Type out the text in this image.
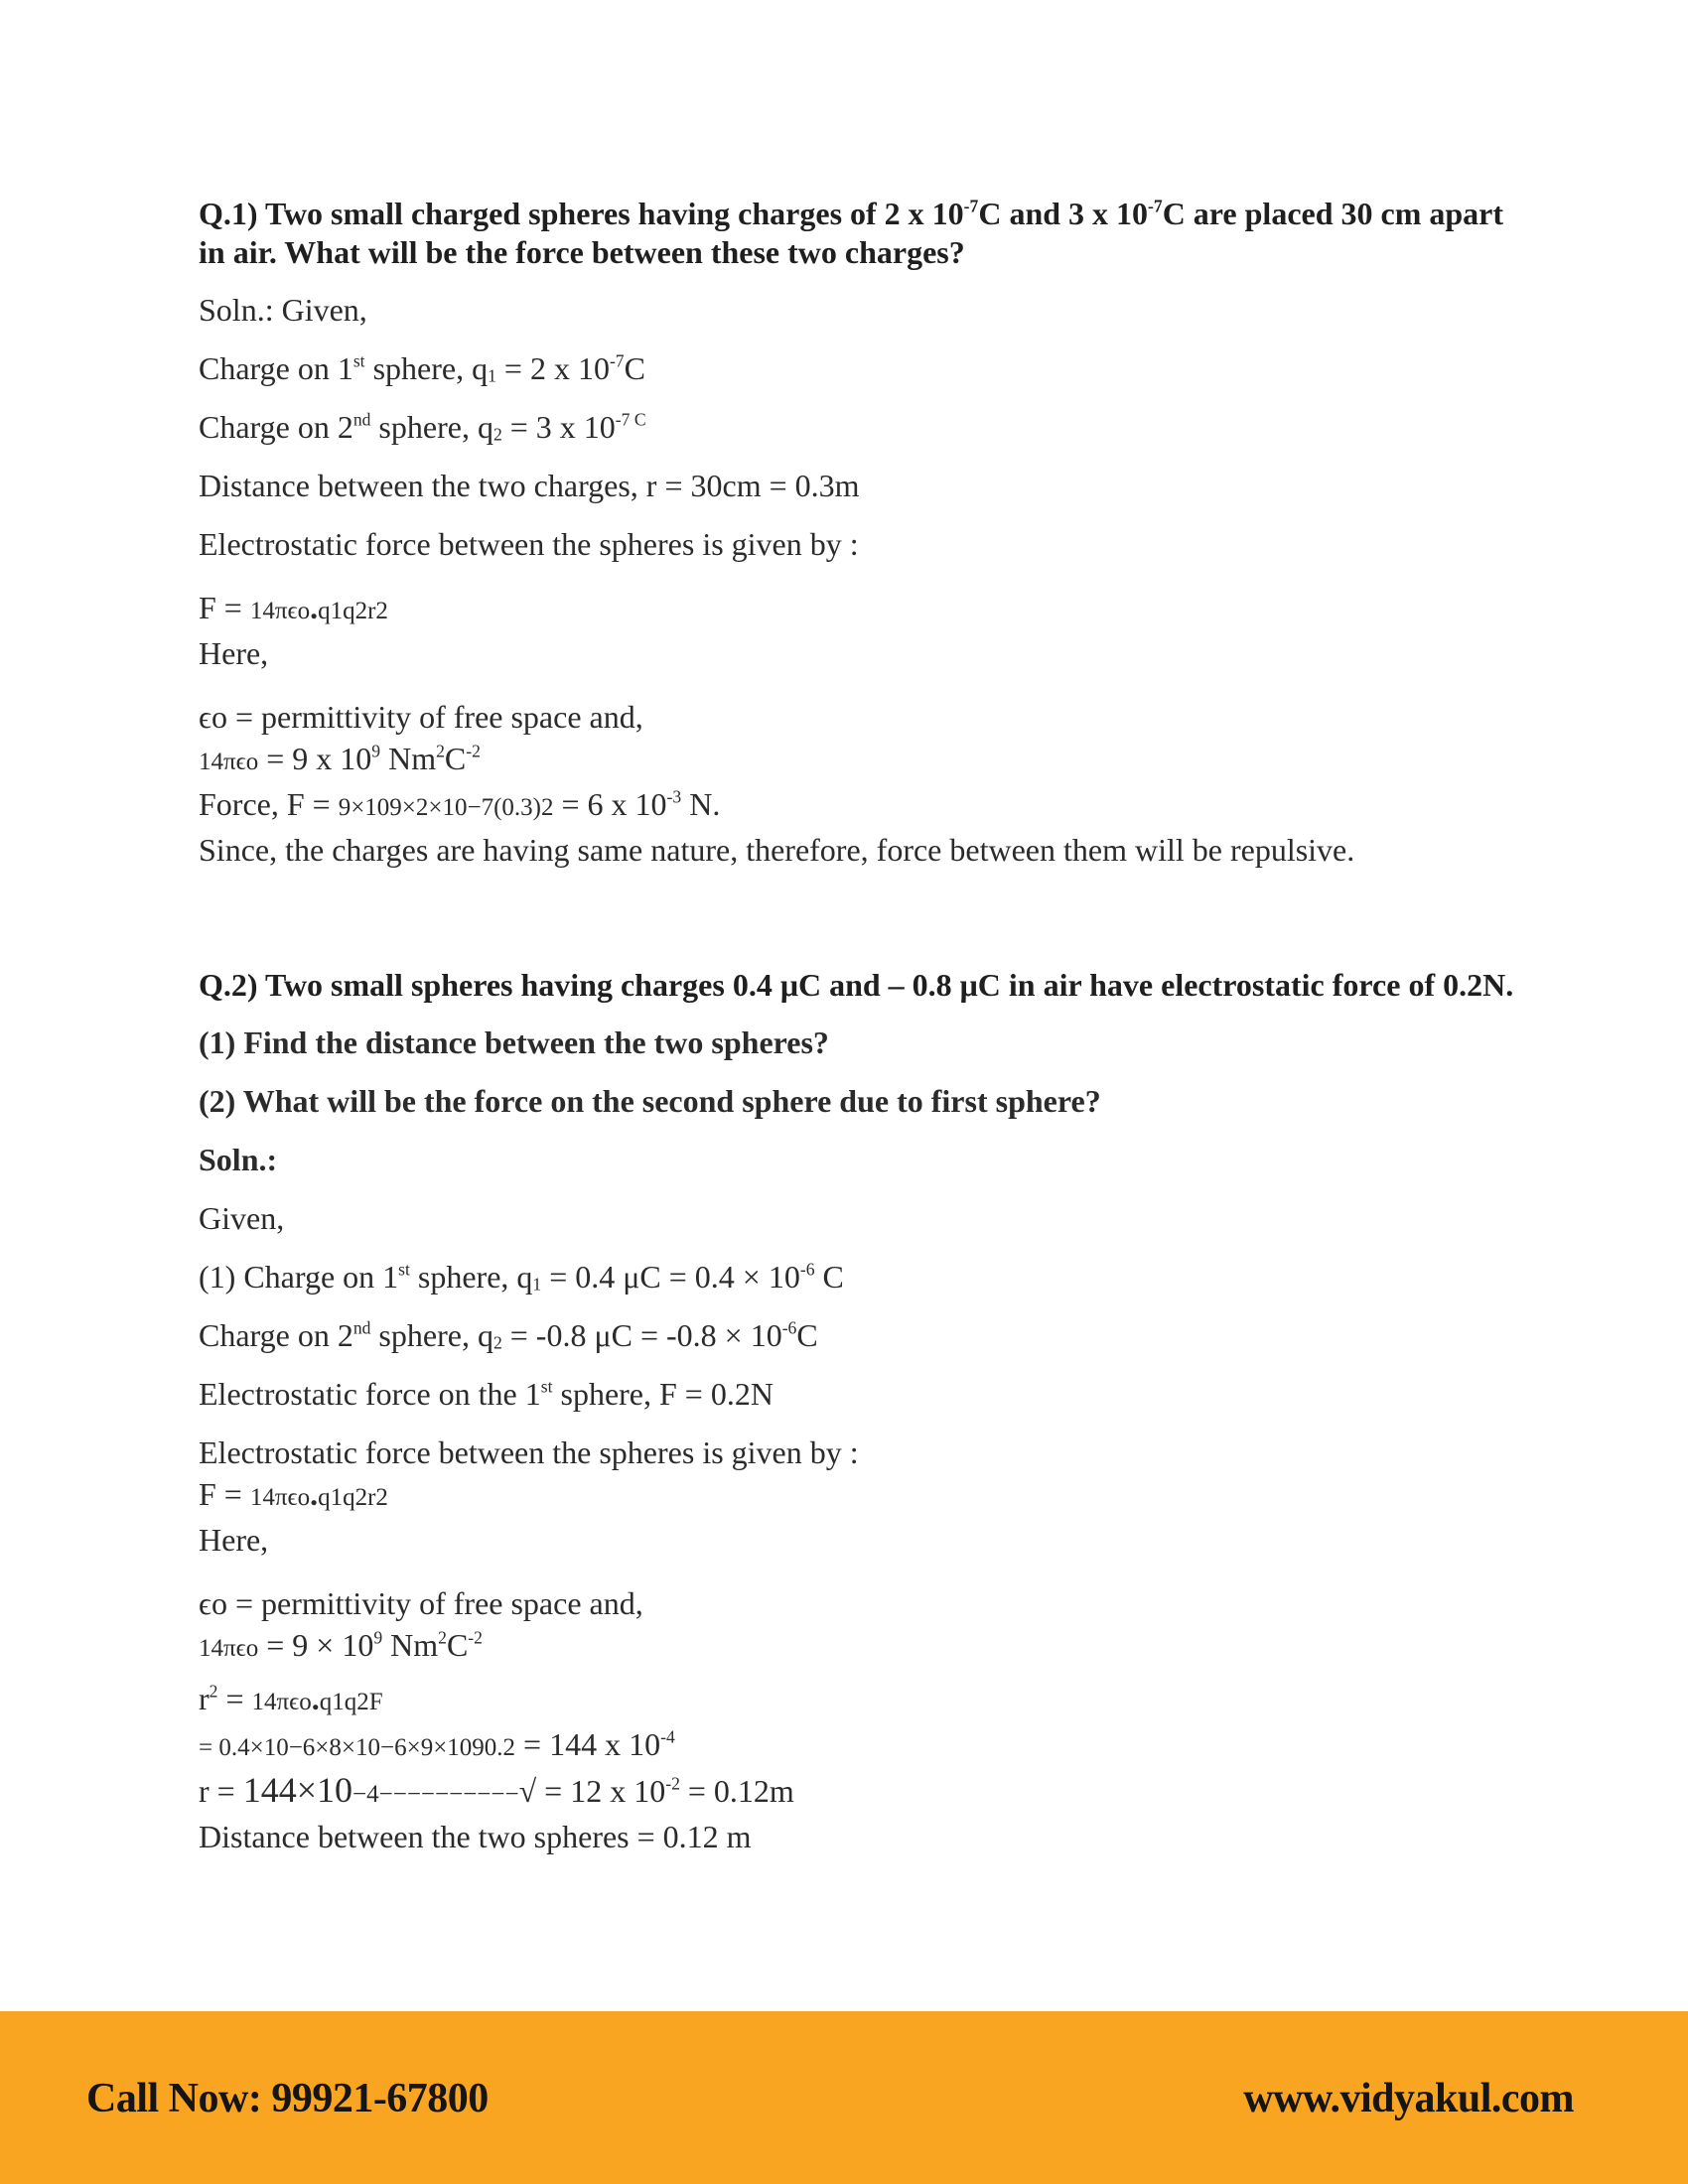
Q.1) Two small charged spheres having charges of 2 x $10^{-7}C$ and 3 x $10^{-7}C$ are placed 30 cm apart in air. What will be the force between these two charges?

Soln.: Given,

Charge on 1st sphere, $q_1 = 2$ x $10^{-7}C$

Charge on 2nd sphere, $q_2 = 3$ x $10^{-7 C}$

Distance between the two charges, r = 30cm = 0.3m

Electrostatic force between the spheres is given by :

F = 14πϵo.q1q2r2

Here,

ϵo = permittivity of free space and,

14πϵo = 9 x $10^9$ $Nm^2C^{-2}$

Force, F = 9×109×2×10−7(0.3)2 = 6 x $10^{-3}$ N.

Since, the charges are having same nature, therefore, force between them will be repulsive.

Q.2) Two small spheres having charges 0.4 μC and – 0.8 μC in air have electrostatic force of 0.2N.

(1) Find the distance between the two spheres?

(2) What will be the force on the second sphere due to first sphere?

Soln.:

Given,

(1) Charge on 1st sphere, $q_1 = 0.4$ $\mu C = 0.4 \times 10^{-6}$ C

Charge on 2nd sphere, $q_2 = -0.8$ $\mu C = -0.8 \times 10^{-6}C$

Electrostatic force on the 1st sphere, F = 0.2N

Electrostatic force between the spheres is given by :

F = 14πϵo.q1q2r2

Here,

ϵo = permittivity of free space and,

$14\pi\epsilon o = 9 \times 10^9$ $Nm^2C^{-2}$

$r^2 = 14\pi\epsilon o.q1q2F$

= 0.4×10−6×8×10−6×9×1090.2 = 144 x $10^{-4}$

r = 144×10−4−−−−−−−−−−√ = 12 x $10^{-2} = 0.12m$

Distance between the two spheres = 0.12 m

Call Now: 99921-67800	www.vidyakul.com
